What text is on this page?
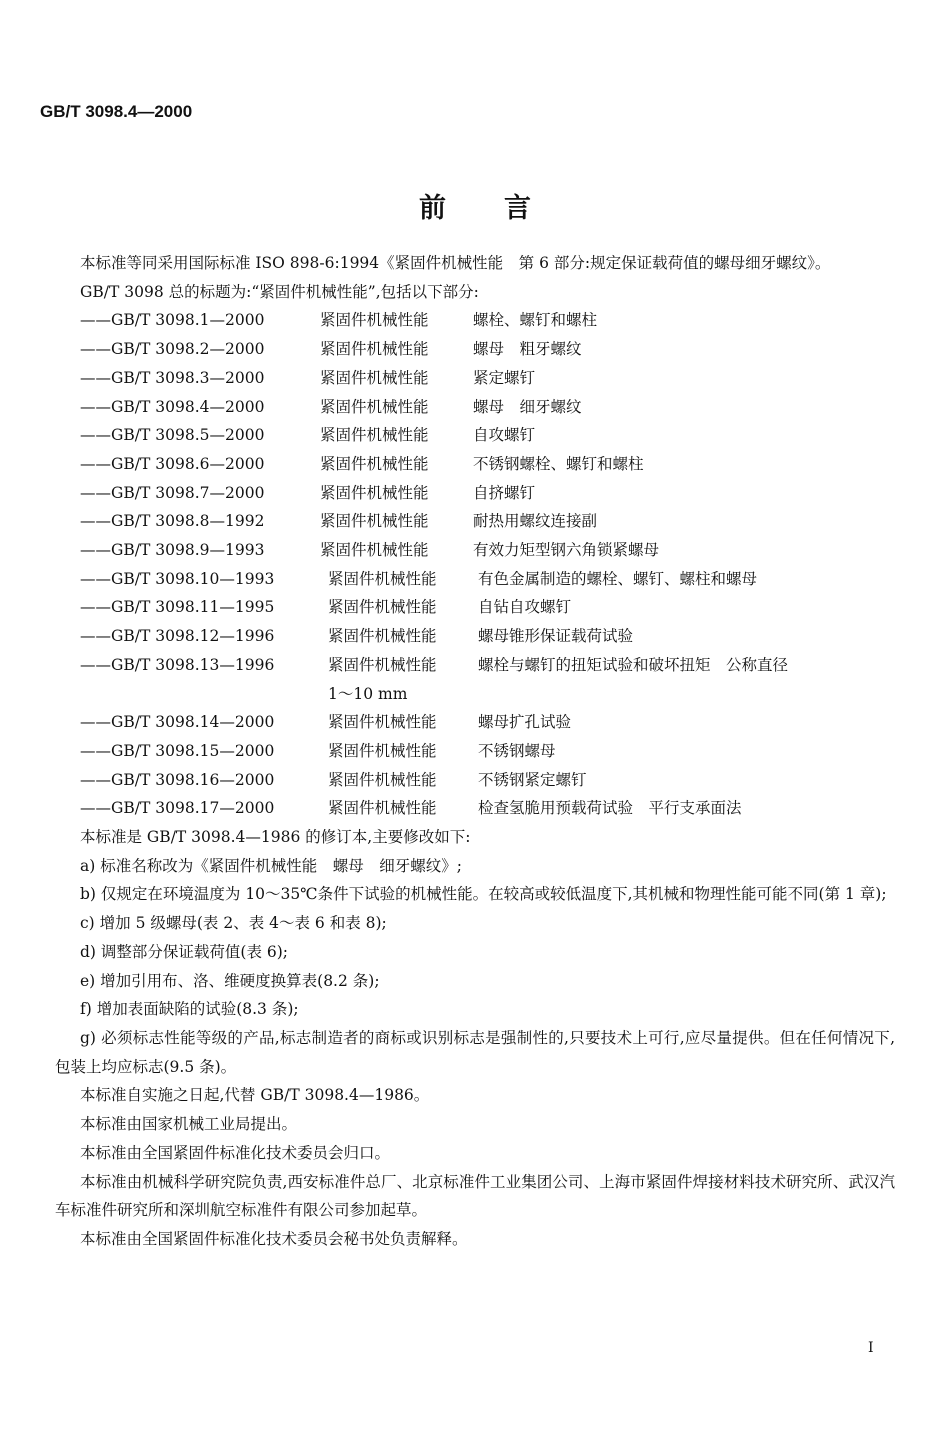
GB/T 3098.4—2000
前言

本标准等同采用国际标准 ISO 898-6:1994《紧固件机械性能　第 6 部分:规定保证载荷值的螺母细牙螺纹》。

GB/T 3098 总的标题为:“紧固件机械性能”,包括以下部分:

——GB/T 3098.1—2000	紧固件机械性能	螺栓、螺钉和螺柱
——GB/T 3098.2—2000	紧固件机械性能	螺母　粗牙螺纹
——GB/T 3098.3—2000	紧固件机械性能	紧定螺钉
——GB/T 3098.4—2000	紧固件机械性能	螺母　细牙螺纹
——GB/T 3098.5—2000	紧固件机械性能	自攻螺钉
——GB/T 3098.6—2000	紧固件机械性能	不锈钢螺栓、螺钉和螺柱
——GB/T 3098.7—2000	紧固件机械性能	自挤螺钉
——GB/T 3098.8—1992	紧固件机械性能	耐热用螺纹连接副
——GB/T 3098.9—1993	紧固件机械性能	有效力矩型钢六角锁紧螺母
——GB/T 3098.10—1993	紧固件机械性能	有色金属制造的螺栓、螺钉、螺柱和螺母
——GB/T 3098.11—1995	紧固件机械性能	自钻自攻螺钉
——GB/T 3098.12—1996	紧固件机械性能	螺母锥形保证载荷试验
——GB/T 3098.13—1996	紧固件机械性能	螺栓与螺钉的扭矩试验和破坏扭矩　公称直径
1～10 mm
——GB/T 3098.14—2000	紧固件机械性能	螺母扩孔试验
——GB/T 3098.15—2000	紧固件机械性能	不锈钢螺母
——GB/T 3098.16—2000	紧固件机械性能	不锈钢紧定螺钉
——GB/T 3098.17—2000	紧固件机械性能	检查氢脆用预载荷试验　平行支承面法

本标准是 GB/T 3098.4—1986 的修订本,主要修改如下:

a) 标准名称改为《紧固件机械性能　螺母　细牙螺纹》;

b) 仅规定在环境温度为 10～35℃条件下试验的机械性能。在较高或较低温度下,其机械和物理性能可能不同(第 1 章);

c) 增加 5 级螺母(表 2、表 4～表 6 和表 8);

d) 调整部分保证载荷值(表 6);

e) 增加引用布、洛、维硬度换算表(8.2 条);

f) 增加表面缺陷的试验(8.3 条);

g) 必须标志性能等级的产品,标志制造者的商标或识别标志是强制性的,只要技术上可行,应尽量提供。但在任何情况下,包装上均应标志(9.5 条)。

本标准自实施之日起,代替 GB/T 3098.4—1986。

本标准由国家机械工业局提出。

本标准由全国紧固件标准化技术委员会归口。

本标准由机械科学研究院负责,西安标准件总厂、北京标准件工业集团公司、上海市紧固件焊接材料技术研究所、武汉汽车标准件研究所和深圳航空标准件有限公司参加起草。

本标准由全国紧固件标准化技术委员会秘书处负责解释。

I
